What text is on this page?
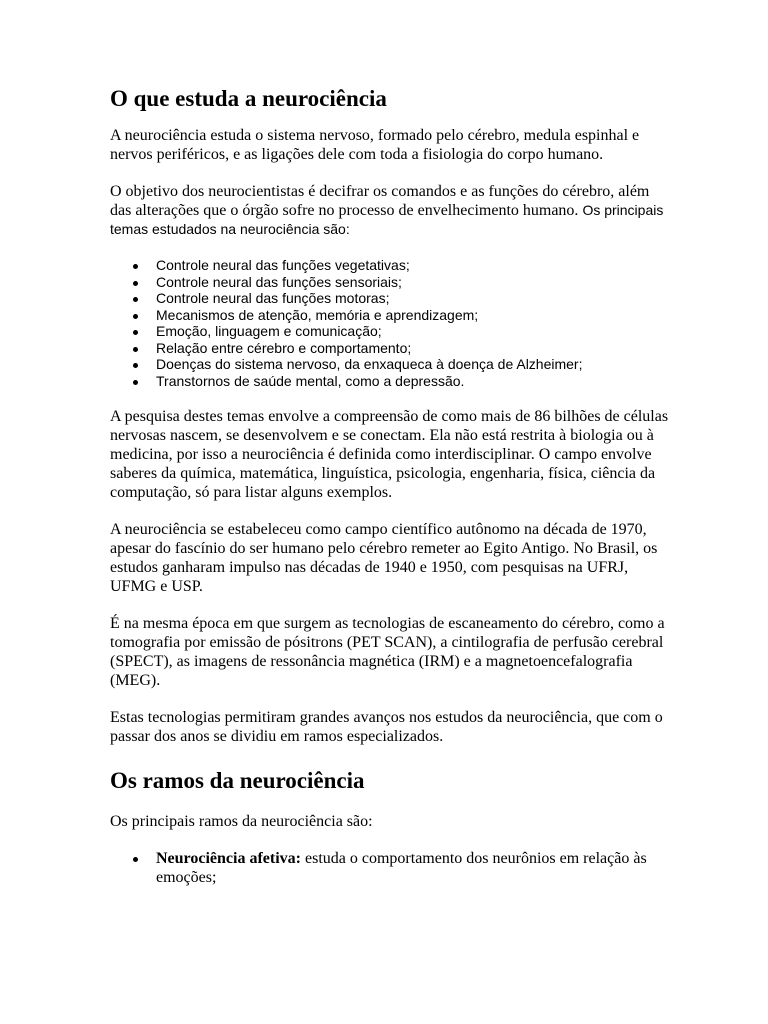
O que estuda a neurociência

A neurociência estuda o sistema nervoso, formado pelo cérebro, medula espinhal e nervos periféricos, e as ligações dele com toda a fisiologia do corpo humano.

O objetivo dos neurocientistas é decifrar os comandos e as funções do cérebro, além das alterações que o órgão sofre no processo de envelhecimento humano. Os principais temas estudados na neurociência são:

Controle neural das funções vegetativas;
Controle neural das funções sensoriais;
Controle neural das funções motoras;
Mecanismos de atenção, memória e aprendizagem;
Emoção, linguagem e comunicação;
Relação entre cérebro e comportamento;
Doenças do sistema nervoso, da enxaqueca à doença de Alzheimer;
Transtornos de saúde mental, como a depressão.

A pesquisa destes temas envolve a compreensão de como mais de 86 bilhões de células nervosas nascem, se desenvolvem e se conectam. Ela não está restrita à biologia ou à medicina, por isso a neurociência é definida como interdisciplinar. O campo envolve saberes da química, matemática, linguística, psicologia, engenharia, física, ciência da computação, só para listar alguns exemplos.

A neurociência se estabeleceu como campo científico autônomo na década de 1970, apesar do fascínio do ser humano pelo cérebro remeter ao Egito Antigo. No Brasil, os estudos ganharam impulso nas décadas de 1940 e 1950, com pesquisas na UFRJ, UFMG e USP.

É na mesma época em que surgem as tecnologias de escaneamento do cérebro, como a tomografia por emissão de pósitrons (PET SCAN), a cintilografia de perfusão cerebral (SPECT), as imagens de ressonância magnética (IRM) e a magnetoencefalografia (MEG).

Estas tecnologias permitiram grandes avanços nos estudos da neurociência, que com o passar dos anos se dividiu em ramos especializados.

Os ramos da neurociência

Os principais ramos da neurociência são:

Neurociência afetiva: estuda o comportamento dos neurônios em relação às emoções;
